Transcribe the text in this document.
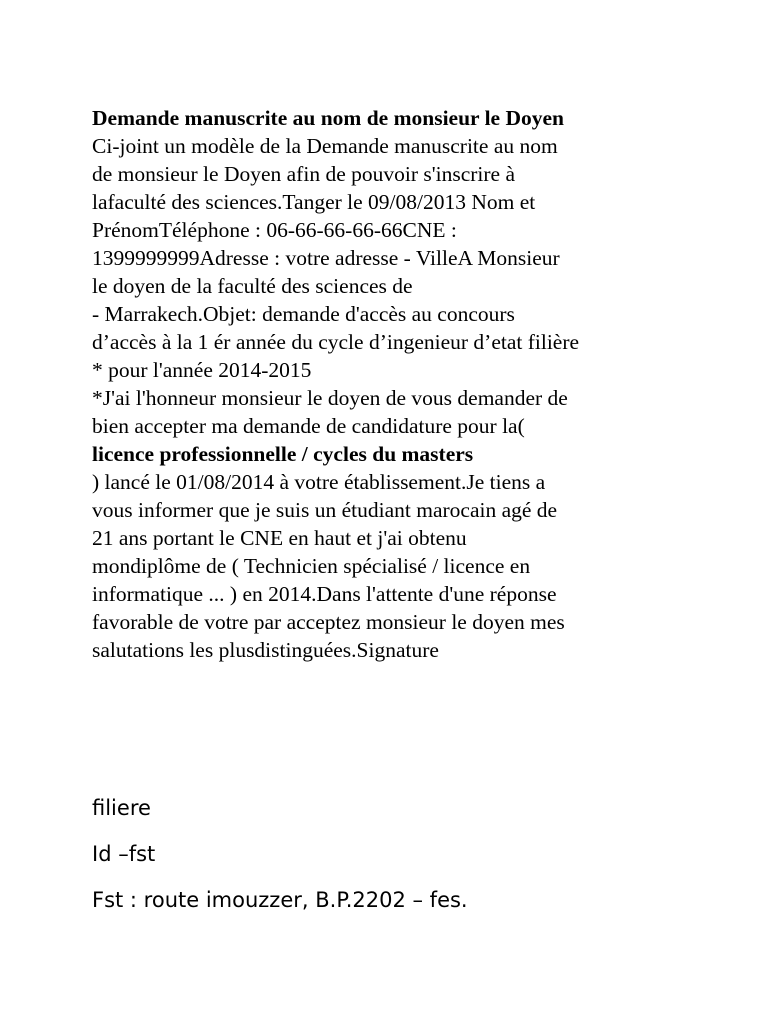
Demande manuscrite au nom de monsieur le Doyen
Ci-joint un modèle de la Demande manuscrite au nom
de monsieur le Doyen afin de pouvoir s'inscrire à
lafaculté des sciences.Tanger le 09/08/2013 Nom et
PrénomTéléphone : 06-66-66-66-66CNE :
1399999999Adresse : votre adresse - VilleA Monsieur
le doyen de la faculté des sciences de
- Marrakech.Objet: demande d'accès au concours
d’accès à la 1 ér année du cycle d’ingenieur d’etat filière
* pour l'année 2014-2015
*J'ai l'honneur monsieur le doyen de vous demander de
bien accepter ma demande de candidature pour la(
licence professionnelle / cycles du masters
) lancé le 01/08/2014 à votre établissement.Je tiens a
vous informer que je suis un étudiant marocain agé de
21 ans portant le CNE en haut et j'ai obtenu
mondiplôme de ( Technicien spécialisé / licence en
informatique ... ) en 2014.Dans l'attente d'une réponse
favorable de votre par acceptez monsieur le doyen mes
salutations les plusdistinguées.Signature
filiere
Id –fst
Fst : route imouzzer, B.P.2202 – fes.
